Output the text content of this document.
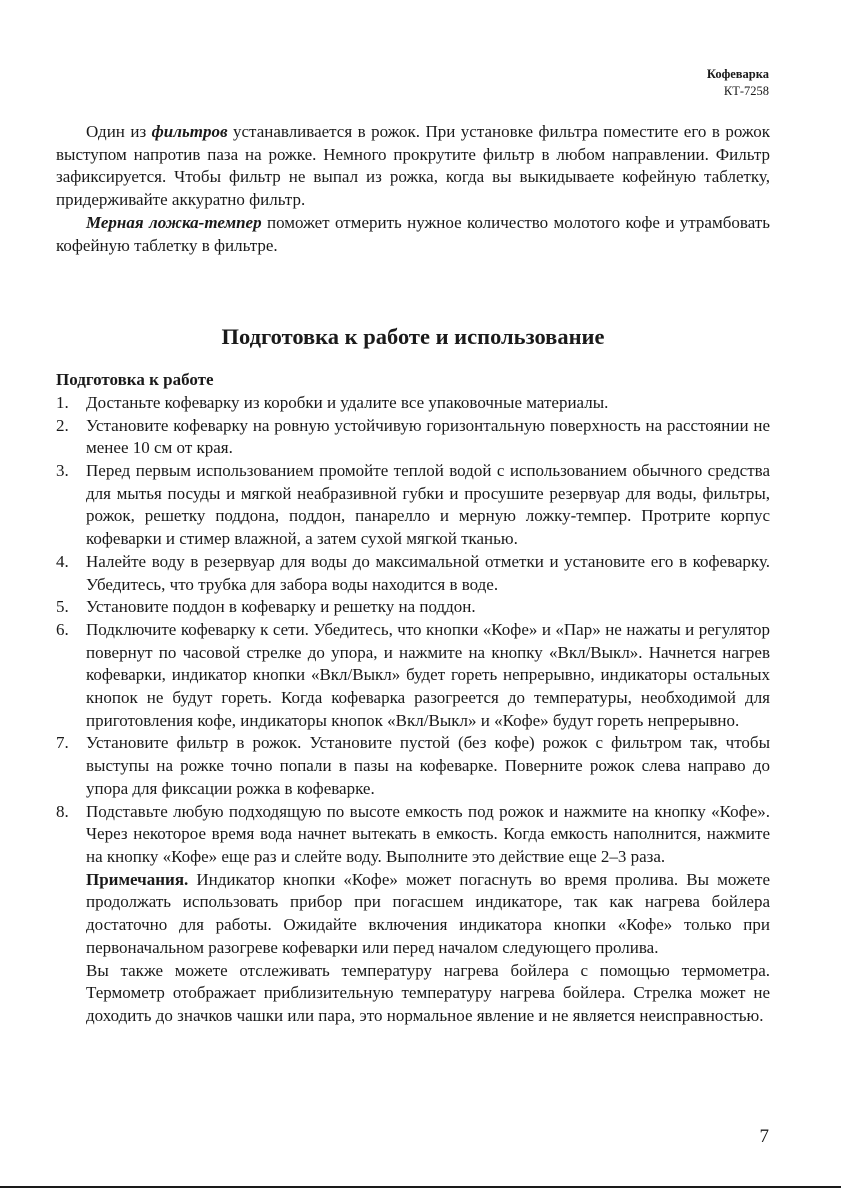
Кофеварка
КТ-7258

Один из фильтров устанавливается в рожок. При установке фильтра поместите его в рожок выступом напротив паза на рожке. Немного прокрутите фильтр в любом направлении. Фильтр зафиксируется. Чтобы фильтр не выпал из рожка, когда вы выкидываете кофейную таблетку, придерживайте аккуратно фильтр.

Мерная ложка-темпер поможет отмерить нужное количество молотого кофе и утрамбовать кофейную таблетку в фильтре.

Подготовка к работе и использование

Подготовка к работе

1. Достаньте кофеварку из коробки и удалите все упаковочные материалы.
2. Установите кофеварку на ровную устойчивую горизонтальную поверхность на расстоянии не менее 10 см от края.
3. Перед первым использованием промойте теплой водой с использованием обычного средства для мытья посуды и мягкой неабразивной губки и просушите резервуар для воды, фильтры, рожок, решетку поддона, поддон, панарелло и мерную ложку-темпер. Протрите корпус кофеварки и стимер влажной, а затем сухой мягкой тканью.
4. Налейте воду в резервуар для воды до максимальной отметки и установите его в кофеварку. Убедитесь, что трубка для забора воды находится в воде.
5. Установите поддон в кофеварку и решетку на поддон.
6. Подключите кофеварку к сети. Убедитесь, что кнопки «Кофе» и «Пар» не нажаты и регулятор повернут по часовой стрелке до упора, и нажмите на кнопку «Вкл/Выкл». Начнется нагрев кофеварки, индикатор кнопки «Вкл/Выкл» будет гореть непрерывно, индикаторы остальных кнопок не будут гореть. Когда кофеварка разогреется до температуры, необходимой для приготовления кофе, индикаторы кнопок «Вкл/Выкл» и «Кофе» будут гореть непрерывно.
7. Установите фильтр в рожок. Установите пустой (без кофе) рожок с фильтром так, чтобы выступы на рожке точно попали в пазы на кофеварке. Поверните рожок слева направо до упора для фиксации рожка в кофеварке.
8. Подставьте любую подходящую по высоте емкость под рожок и нажмите на кнопку «Кофе». Через некоторое время вода начнет вытекать в емкость. Когда емкость наполнится, нажмите на кнопку «Кофе» еще раз и слейте воду. Выполните это действие еще 2–3 раза.

Примечания. Индикатор кнопки «Кофе» может погаснуть во время пролива. Вы можете продолжать использовать прибор при погасшем индикаторе, так как нагрева бойлера достаточно для работы. Ожидайте включения индикатора кнопки «Кофе» только при первоначальном разогреве кофеварки или перед началом следующего пролива.

Вы также можете отслеживать температуру нагрева бойлера с помощью термометра. Термометр отображает приблизительную температуру нагрева бойлера. Стрелка может не доходить до значков чашки или пара, это нормальное явление и не является неисправностью.

7
